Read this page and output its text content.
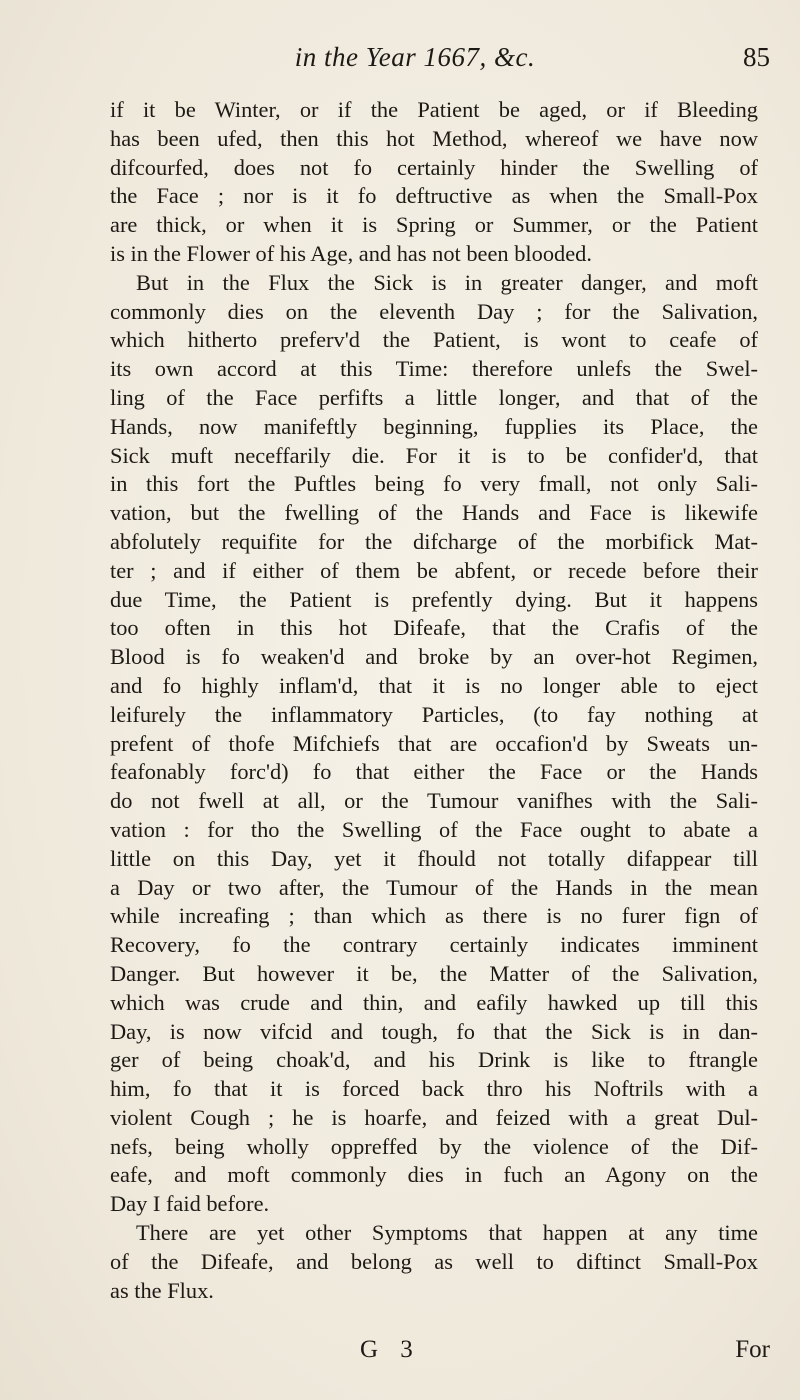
in the Year 1667, &c.	85
if it be Winter, or if the Patient be aged, or if Bleeding
has been ufed, then this hot Method, whereof we have now
difcourfed, does not fo certainly hinder the Swelling of
the Face ; nor is it fo deftructive as when the Small-Pox
are thick, or when it is Spring or Summer, or the Patient
is in the Flower of his Age, and has not been blooded.
But in the Flux the Sick is in greater danger, and moft
commonly dies on the eleventh Day ; for the Salivation,
which hitherto preferv'd the Patient, is wont to ceafe of
its own accord at this Time: therefore unlefs the Swel-
ling of the Face perfifts a little longer, and that of the
Hands, now manifeftly beginning, fupplies its Place, the
Sick muft neceffarily die. For it is to be confider'd, that
in this fort the Puftles being fo very fmall, not only Sali-
vation, but the fwelling of the Hands and Face is likewife
abfolutely requifite for the difcharge of the morbifick Mat-
ter ; and if either of them be abfent, or recede before their
due Time, the Patient is prefently dying. But it happens
too often in this hot Difeafe, that the Crafis of the
Blood is fo weaken'd and broke by an over-hot Regimen,
and fo highly inflam'd, that it is no longer able to eject
leifurely the inflammatory Particles, (to fay nothing at
prefent of thofe Mifchiefs that are occafion'd by Sweats un-
feafonably forc'd) fo that either the Face or the Hands
do not fwell at all, or the Tumour vanifhes with the Sali-
vation : for tho the Swelling of the Face ought to abate a
little on this Day, yet it fhould not totally difappear till
a Day or two after, the Tumour of the Hands in the mean
while increafing ; than which as there is no furer fign of
Recovery, fo the contrary certainly indicates imminent
Danger. But however it be, the Matter of the Salivation,
which was crude and thin, and eafily hawked up till this
Day, is now vifcid and tough, fo that the Sick is in dan-
ger of being choak'd, and his Drink is like to ftrangle
him, fo that it is forced back thro his Noftrils with a
violent Cough ; he is hoarfe, and feized with a great Dul-
nefs, being wholly oppreffed by the violence of the Dif-
eafe, and moft commonly dies in fuch an Agony on the
Day I faid before.
There are yet other Symptoms that happen at any time
of the Difeafe, and belong as well to diftinct Small-Pox
as the Flux.
G 3	For
